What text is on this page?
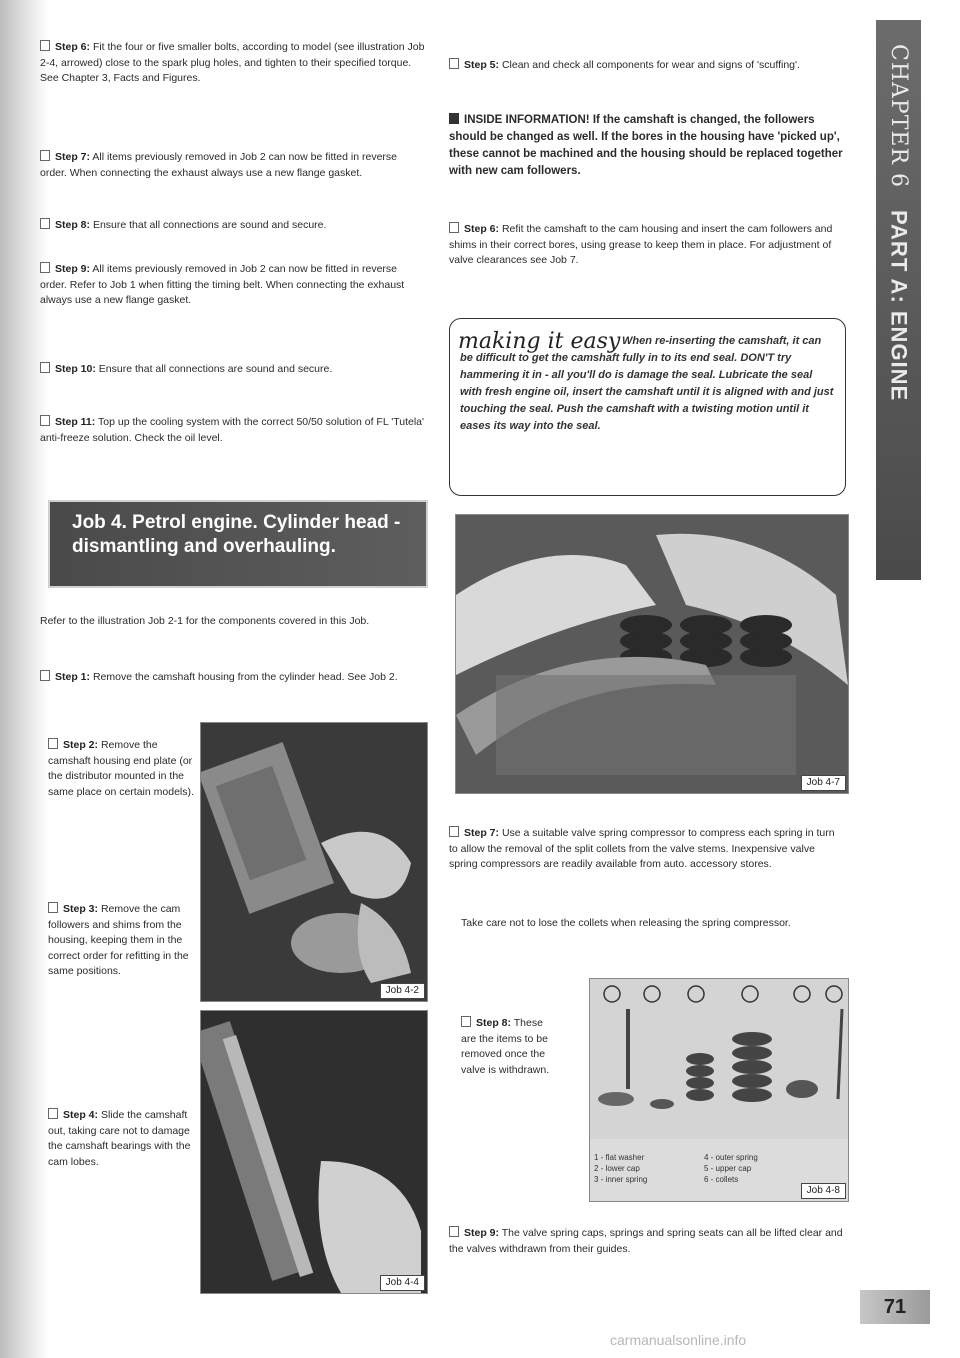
Step 6: Fit the four or five smaller bolts, according to model (see illustration Job 2-4, arrowed) close to the spark plug holes, and tighten to their specified torque. See Chapter 3, Facts and Figures.

Step 7: All items previously removed in Job 2 can now be fitted in reverse order. When connecting the exhaust always use a new flange gasket.

Step 8: Ensure that all connections are sound and secure.

Step 9: All items previously removed in Job 2 can now be fitted in reverse order. Refer to Job 1 when fitting the timing belt. When connecting the exhaust always use a new flange gasket.

Step 10: Ensure that all connections are sound and secure.

Step 11: Top up the cooling system with the correct 50/50 solution of FL 'Tutela' anti-freeze solution. Check the oil level.

Job 4. Petrol engine. Cylinder head - dismantling and overhauling.

Refer to the illustration Job 2-1 for the components covered in this Job.

Step 1: Remove the camshaft housing from the cylinder head. See Job 2.

Step 2: Remove the camshaft housing end plate (or the distributor mounted in the same place on certain models).

Step 3: Remove the cam followers and shims from the housing, keeping them in the correct order for refitting in the same positions.

Step 4: Slide the camshaft out, taking care not to damage the camshaft bearings with the cam lobes.

Job 4-2
Job 4-4

Step 5: Clean and check all components for wear and signs of 'scuffing'.

INSIDE INFORMATION! If the camshaft is changed, the followers should be changed as well. If the bores in the housing have 'picked up', these cannot be machined and the housing should be replaced together with new cam followers.

Step 6: Refit the camshaft to the cam housing and insert the cam followers and shims in their correct bores, using grease to keep them in place. For adjustment of valve clearances see Job 7.

making it easy When re-inserting the camshaft, it can be difficult to get the camshaft fully in to its end seal. DON'T try hammering it in - all you'll do is damage the seal. Lubricate the seal with fresh engine oil, insert the camshaft until it is aligned with and just touching the seal. Push the camshaft with a twisting motion until it eases its way into the seal.
Job 4-7

Step 7: Use a suitable valve spring compressor to compress each spring in turn to allow the removal of the split collets from the valve stems. Inexpensive valve spring compressors are readily available from auto. accessory stores.

Take care not to lose the collets when releasing the spring compressor.

Step 8: These are the items to be removed once the valve is withdrawn.

Job 4-8
1 - flat washer	4 - outer spring
2 - lower cap	5 - upper cap
3 - inner spring	6 - collets

Step 9: The valve spring caps, springs and spring seats can all be lifted clear and the valves withdrawn from their guides.

CHAPTER 6
PART A: ENGINE
71
carmanualsonline.info
